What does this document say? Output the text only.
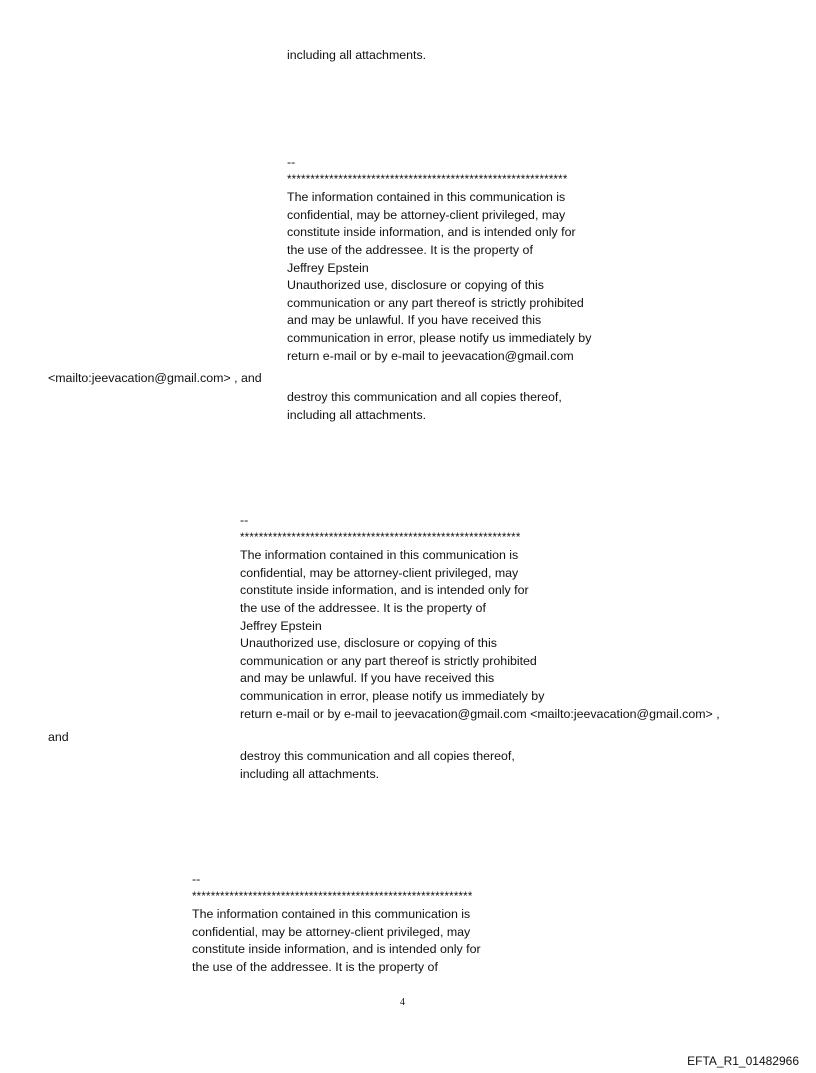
including all attachments.
--
************************************************************
The information contained in this communication is
confidential, may be attorney-client privileged, may
constitute inside information, and is intended only for
the use of the addressee. It is the property of
Jeffrey Epstein
Unauthorized use, disclosure or copying of this
communication or any part thereof is strictly prohibited
and may be unlawful. If you have received this
communication in error, please notify us immediately by
return e-mail or by e-mail to jeevacation@gmail.com
<mailto:jeevacation@gmail.com> , and
destroy this communication and all copies thereof,
including all attachments.
--
************************************************************
The information contained in this communication is
confidential, may be attorney-client privileged, may
constitute inside information, and is intended only for
the use of the addressee. It is the property of
Jeffrey Epstein
Unauthorized use, disclosure or copying of this
communication or any part thereof is strictly prohibited
and may be unlawful. If you have received this
communication in error, please notify us immediately by
return e-mail or by e-mail to jeevacation@gmail.com <mailto:jeevacation@gmail.com> ,
and
destroy this communication and all copies thereof,
including all attachments.
--
************************************************************
The information contained in this communication is
confidential, may be attorney-client privileged, may
constitute inside information, and is intended only for
the use of the addressee. It is the property of
4
EFTA_R1_01482966
